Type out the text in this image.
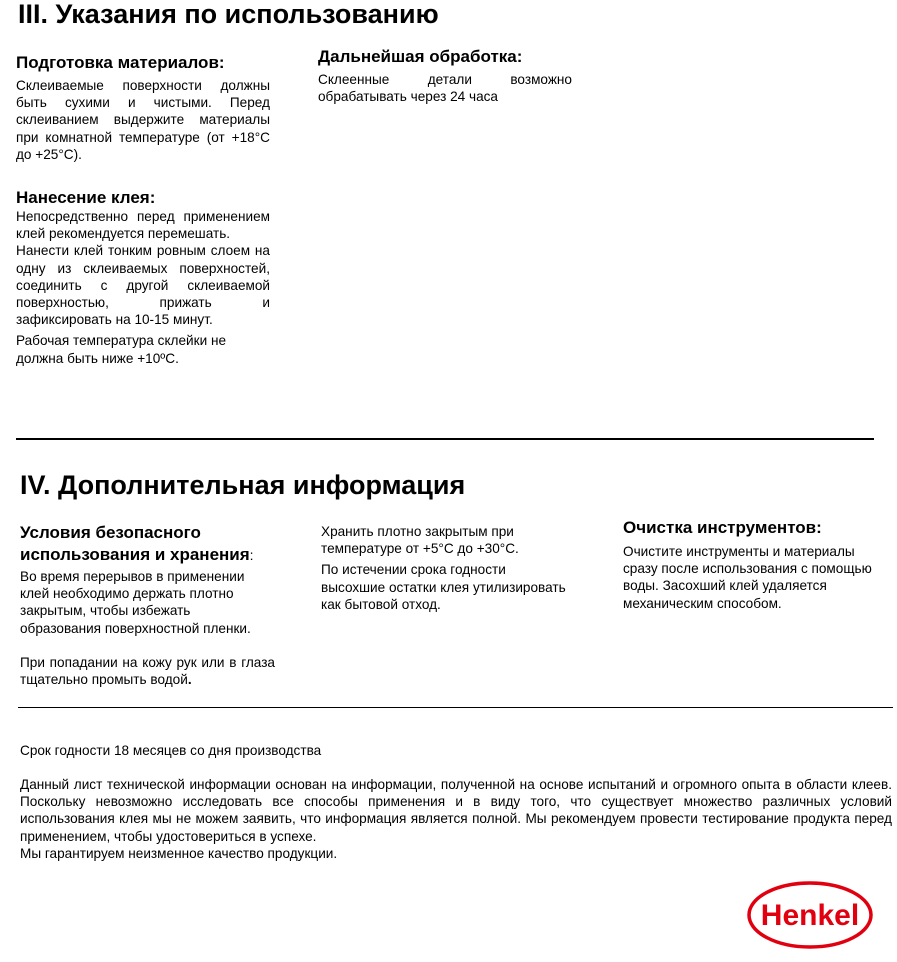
III. Указания по использованию
Подготовка материалов:

Склеиваемые поверхности должны быть сухими и чистыми. Перед склеиванием выдержите материалы при комнатной температуре (от +18°С до +25°С).

Нанесение клея:

Непосредственно перед применением клей рекомендуется перемешать.

Нанести клей тонким ровным слоем на одну из склеиваемых поверхностей, соединить с другой склеиваемой поверхностью, прижать и зафиксировать на 10-15 минут.

Рабочая температура склейки не должна быть ниже +10ºС.

Дальнейшая обработка:

Склеенные детали возможно обрабатывать через 24 часа

IV. Дополнительная информация
Условия безопасного
использования и хранения:

Во время перерывов в применении клей необходимо держать плотно закрытым, чтобы избежать образования поверхностной пленки.

При попадании на кожу рук или в глаза тщательно промыть водой.

Хранить плотно закрытым при температуре от +5°С до +30°С.

По истечении срока годности высохшие остатки клея утилизировать как бытовой отход.

Очистка инструментов:

Очистите инструменты и материалы сразу после использования с помощью воды. Засохший клей удаляется механическим способом.

Срок годности 18 месяцев со дня производства

Данный лист технической информации основан на информации, полученной на основе испытаний и огромного опыта в области клеев. Поскольку невозможно исследовать все способы применения и в виду того, что существует множество различных условий использования клея мы не можем заявить, что информация является полной. Мы рекомендуем провести тестирование продукта перед применением, чтобы удостовериться в успехе.

Мы гарантируем неизменное качество продукции.

Henkel
